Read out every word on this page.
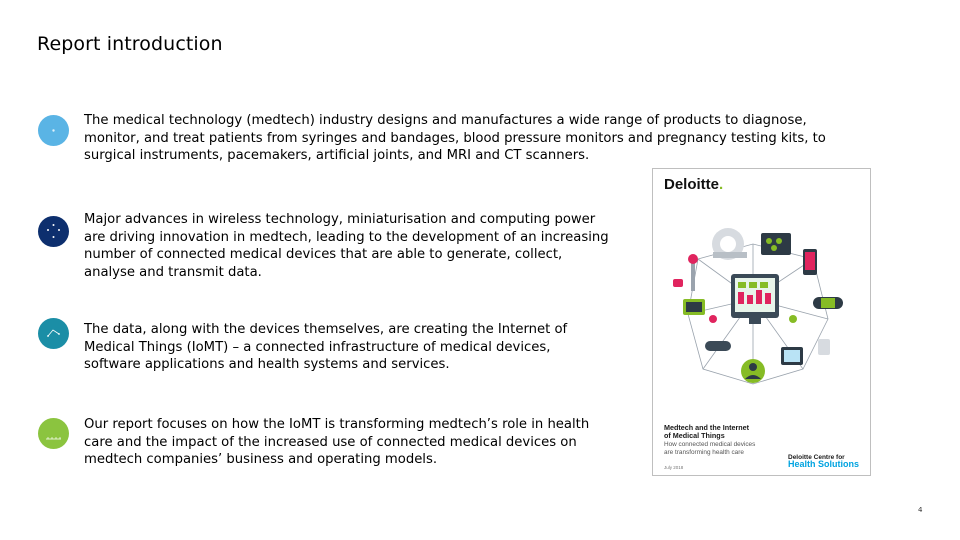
Report introduction
The medical technology (medtech) industry designs and manufactures a wide range of products to diagnose,
monitor, and treat patients from syringes and bandages, blood pressure monitors and pregnancy testing kits, to
surgical instruments, pacemakers, artificial joints, and MRI and CT scanners.
Major advances in wireless technology, miniaturisation and computing power
are driving innovation in medtech, leading to the development of an increasing
number of connected medical devices that are able to generate, collect,
analyse and transmit data.
The data, along with the devices themselves, are creating the Internet of
Medical Things (IoMT) – a connected infrastructure of medical devices,
software applications and health systems and services.
Our report focuses on how the IoMT is transforming medtech’s role in health
care and the impact of the increased use of connected medical devices on
medtech companies’ business and operating models.
Deloitte.
Medtech and the Internet
of Medical Things
How connected medical devices
are transforming health care
July 2018
Deloitte Centre for
Health Solutions
4
